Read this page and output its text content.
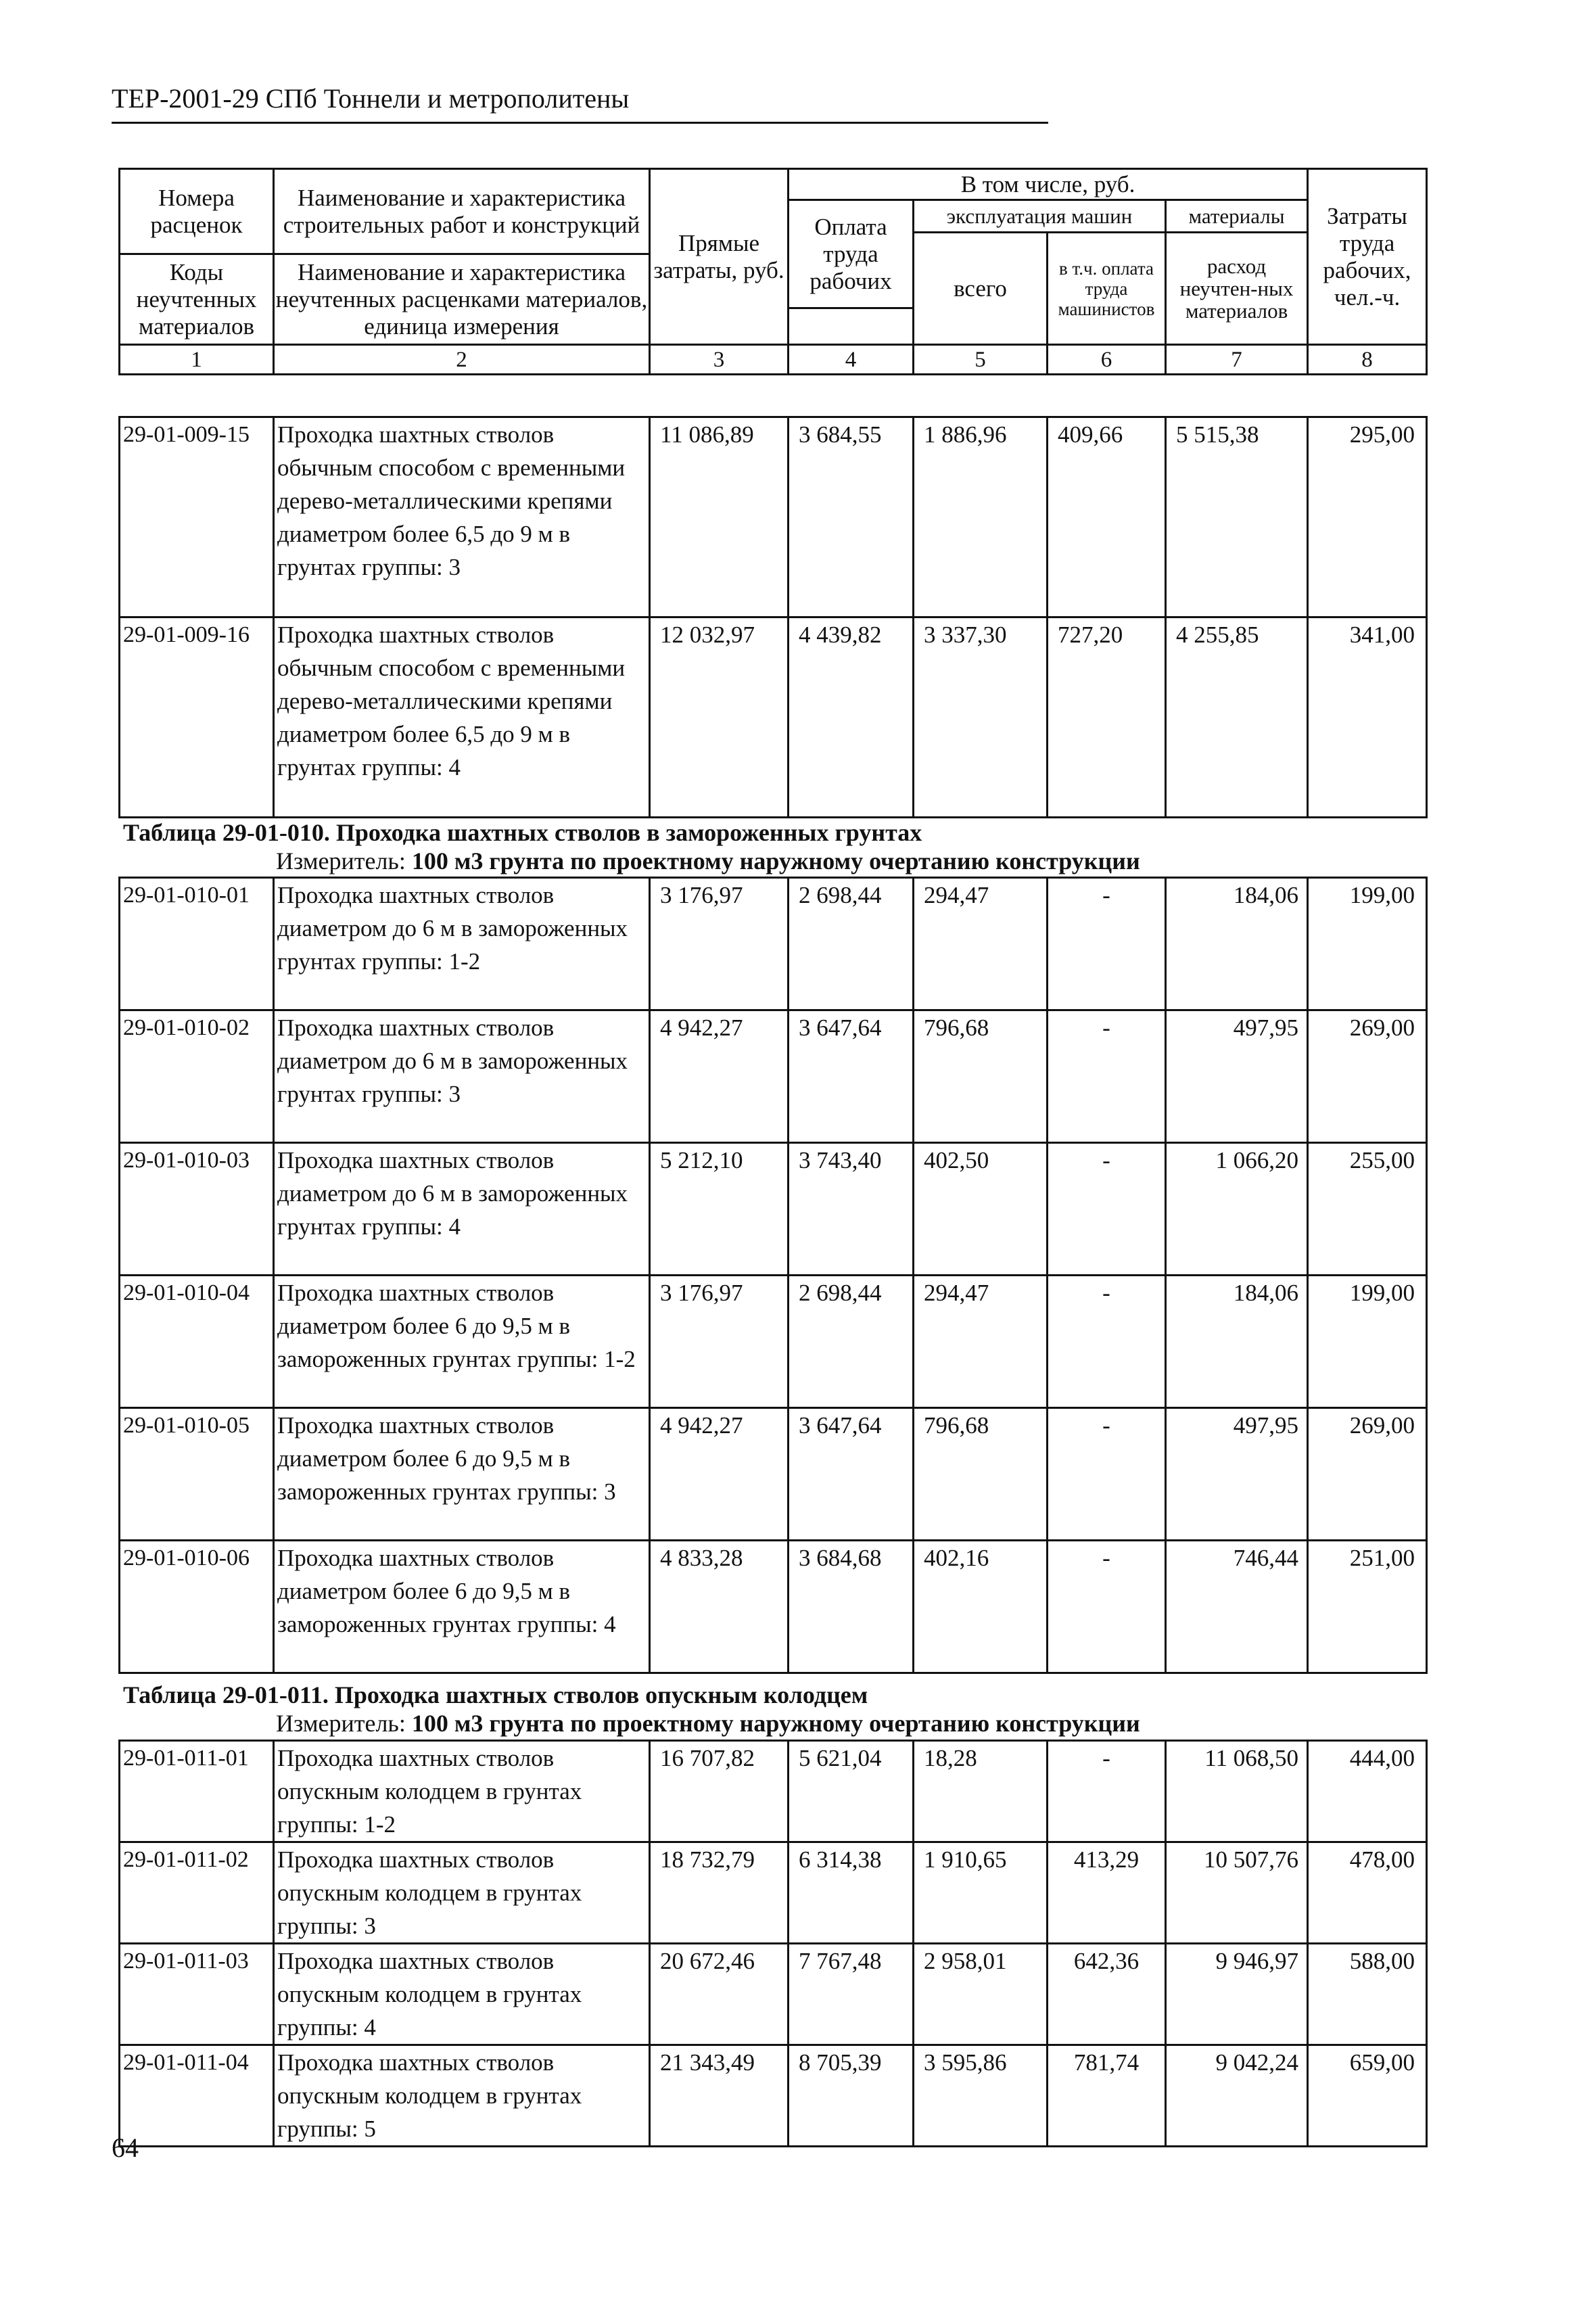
ТЕР-2001-29 СПб Тоннели и метрополитены
Номера расценок	Наименование и характеристика строительных работ и конструкций	Прямые затраты, руб.	В том числе, руб.				Затраты труда рабочих, чел.-ч.
			Оплата труда рабочих	эксплуатация машин		материалы	
				всего	в т.ч. оплата труда машинистов	расход неучтен-ных материалов	
Коды неучтенных материалов	Наименование и характеристика неучтенных расценками материалов, единица измерения						

1	2	3	4	5	6	7	8
29-01-009-15	Проходка шахтных стволов обычным способом с временными дерево-металлическими крепями диаметром более 6,5 до 9 м в грунтах группы: 3	11 086,89	3 684,55	1 886,96	409,66	5 515,38	295,00
29-01-009-16	Проходка шахтных стволов обычным способом с временными дерево-металлическими крепями диаметром более 6,5 до 9 м в грунтах группы: 4	12 032,97	4 439,82	3 337,30	727,20	4 255,85	341,00
Таблица 29-01-010. Проходка шахтных стволов в замороженных грунтах
Измеритель: 100 м3 грунта по проектному наружному очертанию конструкции
29-01-010-01	Проходка шахтных стволов диаметром до 6 м в замороженных грунтах группы: 1-2	3 176,97	2 698,44	294,47	-	184,06	199,00
29-01-010-02	Проходка шахтных стволов диаметром до 6 м в замороженных грунтах группы: 3	4 942,27	3 647,64	796,68	-	497,95	269,00
29-01-010-03	Проходка шахтных стволов диаметром до 6 м в замороженных грунтах группы: 4	5 212,10	3 743,40	402,50	-	1 066,20	255,00
29-01-010-04	Проходка шахтных стволов диаметром более 6 до 9,5 м в замороженных грунтах группы: 1-2	3 176,97	2 698,44	294,47	-	184,06	199,00
29-01-010-05	Проходка шахтных стволов диаметром более 6 до 9,5 м в замороженных грунтах группы: 3	4 942,27	3 647,64	796,68	-	497,95	269,00
29-01-010-06	Проходка шахтных стволов диаметром более 6 до 9,5 м в замороженных грунтах группы: 4	4 833,28	3 684,68	402,16	-	746,44	251,00
Таблица 29-01-011. Проходка шахтных стволов опускным колодцем
Измеритель: 100 м3 грунта по проектному наружному очертанию конструкции
29-01-011-01	Проходка шахтных стволов опускным колодцем в грунтах группы: 1-2	16 707,82	5 621,04	18,28	-	11 068,50	444,00
29-01-011-02	Проходка шахтных стволов опускным колодцем в грунтах группы: 3	18 732,79	6 314,38	1 910,65	413,29	10 507,76	478,00
29-01-011-03	Проходка шахтных стволов опускным колодцем в грунтах группы: 4	20 672,46	7 767,48	2 958,01	642,36	9 946,97	588,00
29-01-011-04	Проходка шахтных стволов опускным колодцем в грунтах группы: 5	21 343,49	8 705,39	3 595,86	781,74	9 042,24	659,00
64
